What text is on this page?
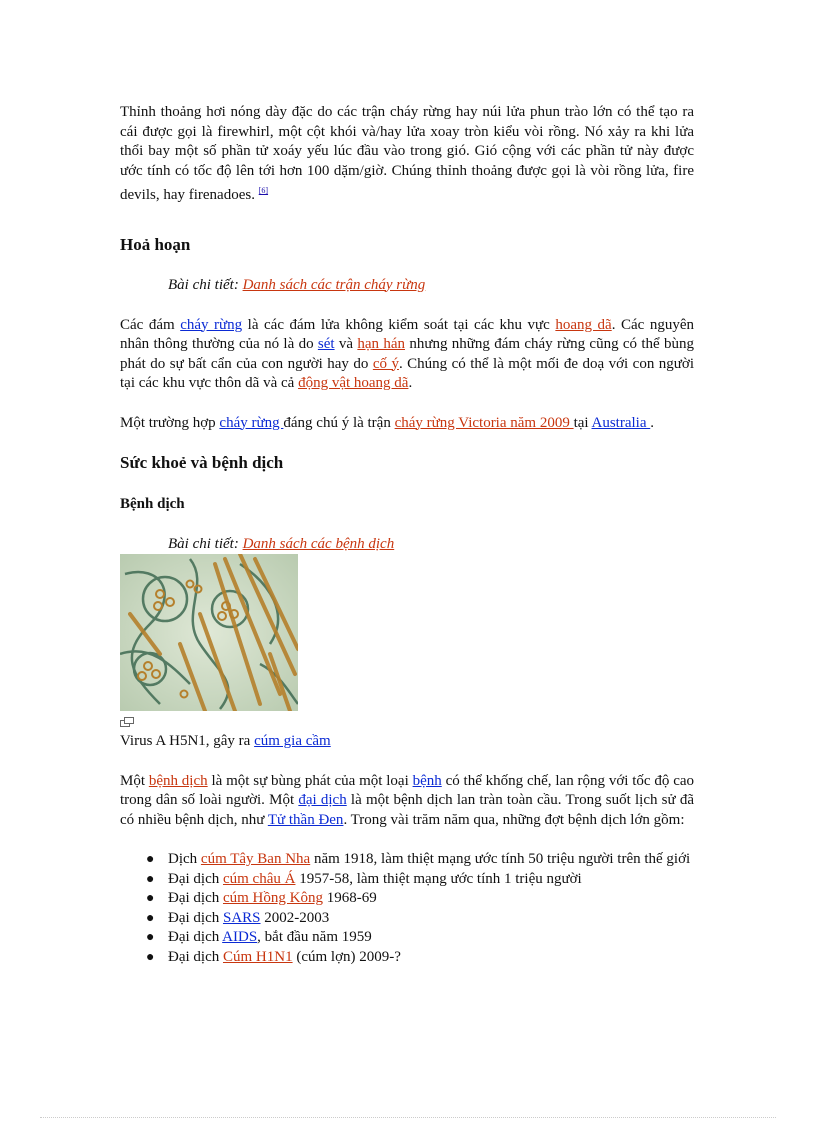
Thỉnh thoảng hơi nóng dày đặc do các trận cháy rừng hay núi lửa phun trào lớn có thể tạo ra cái được gọi là firewhirl, một cột khói và/hay lửa xoay tròn kiểu vòi rồng. Nó xảy ra khi lửa thổi bay một số phần tử xoáy yếu lúc đầu vào trong gió. Gió cộng với các phần tử này được ước tính có tốc độ lên tới hơn 100 dặm/giờ. Chúng thỉnh thoảng được gọi là vòi rồng lửa, fire devils, hay firenadoes. [6]

Hoả hoạn
Bài chi tiết: Danh sách các trận cháy rừng

Các đám cháy rừng là các đám lửa không kiểm soát tại các khu vực hoang dã. Các nguyên nhân thông thường của nó là do sét và hạn hán nhưng những đám cháy rừng cũng có thể bùng phát do sự bất cẩn của con người hay do cố ý. Chúng có thể là một mối đe doạ với con người tại các khu vực thôn dã và cả động vật hoang dã.

Một trường hợp cháy rừng đáng chú ý là trận cháy rừng Victoria năm 2009 tại Australia .

Sức khoẻ và bệnh dịch
Bệnh dịch
Bài chi tiết: Danh sách các bệnh dịch

Virus A H5N1, gây ra cúm gia cầm

Một bệnh dịch là một sự bùng phát của một loại bệnh có thể khống chế, lan rộng với tốc độ cao trong dân số loài người. Một đại dịch là một bệnh dịch lan tràn toàn cầu. Trong suốt lịch sử đã có nhiều bệnh dịch, như Tử thần Đen. Trong vài trăm năm qua, những đợt bệnh dịch lớn gồm:

● Dịch cúm Tây Ban Nha năm 1918, làm thiệt mạng ước tính 50 triệu người trên thế giới
● Đại dịch cúm châu Á 1957-58, làm thiệt mạng ước tính 1 triệu người
● Đại dịch cúm Hồng Kông 1968-69
● Đại dịch SARS 2002-2003
● Đại dịch AIDS, bắt đầu năm 1959
● Đại dịch Cúm H1N1 (cúm lợn) 2009-?
